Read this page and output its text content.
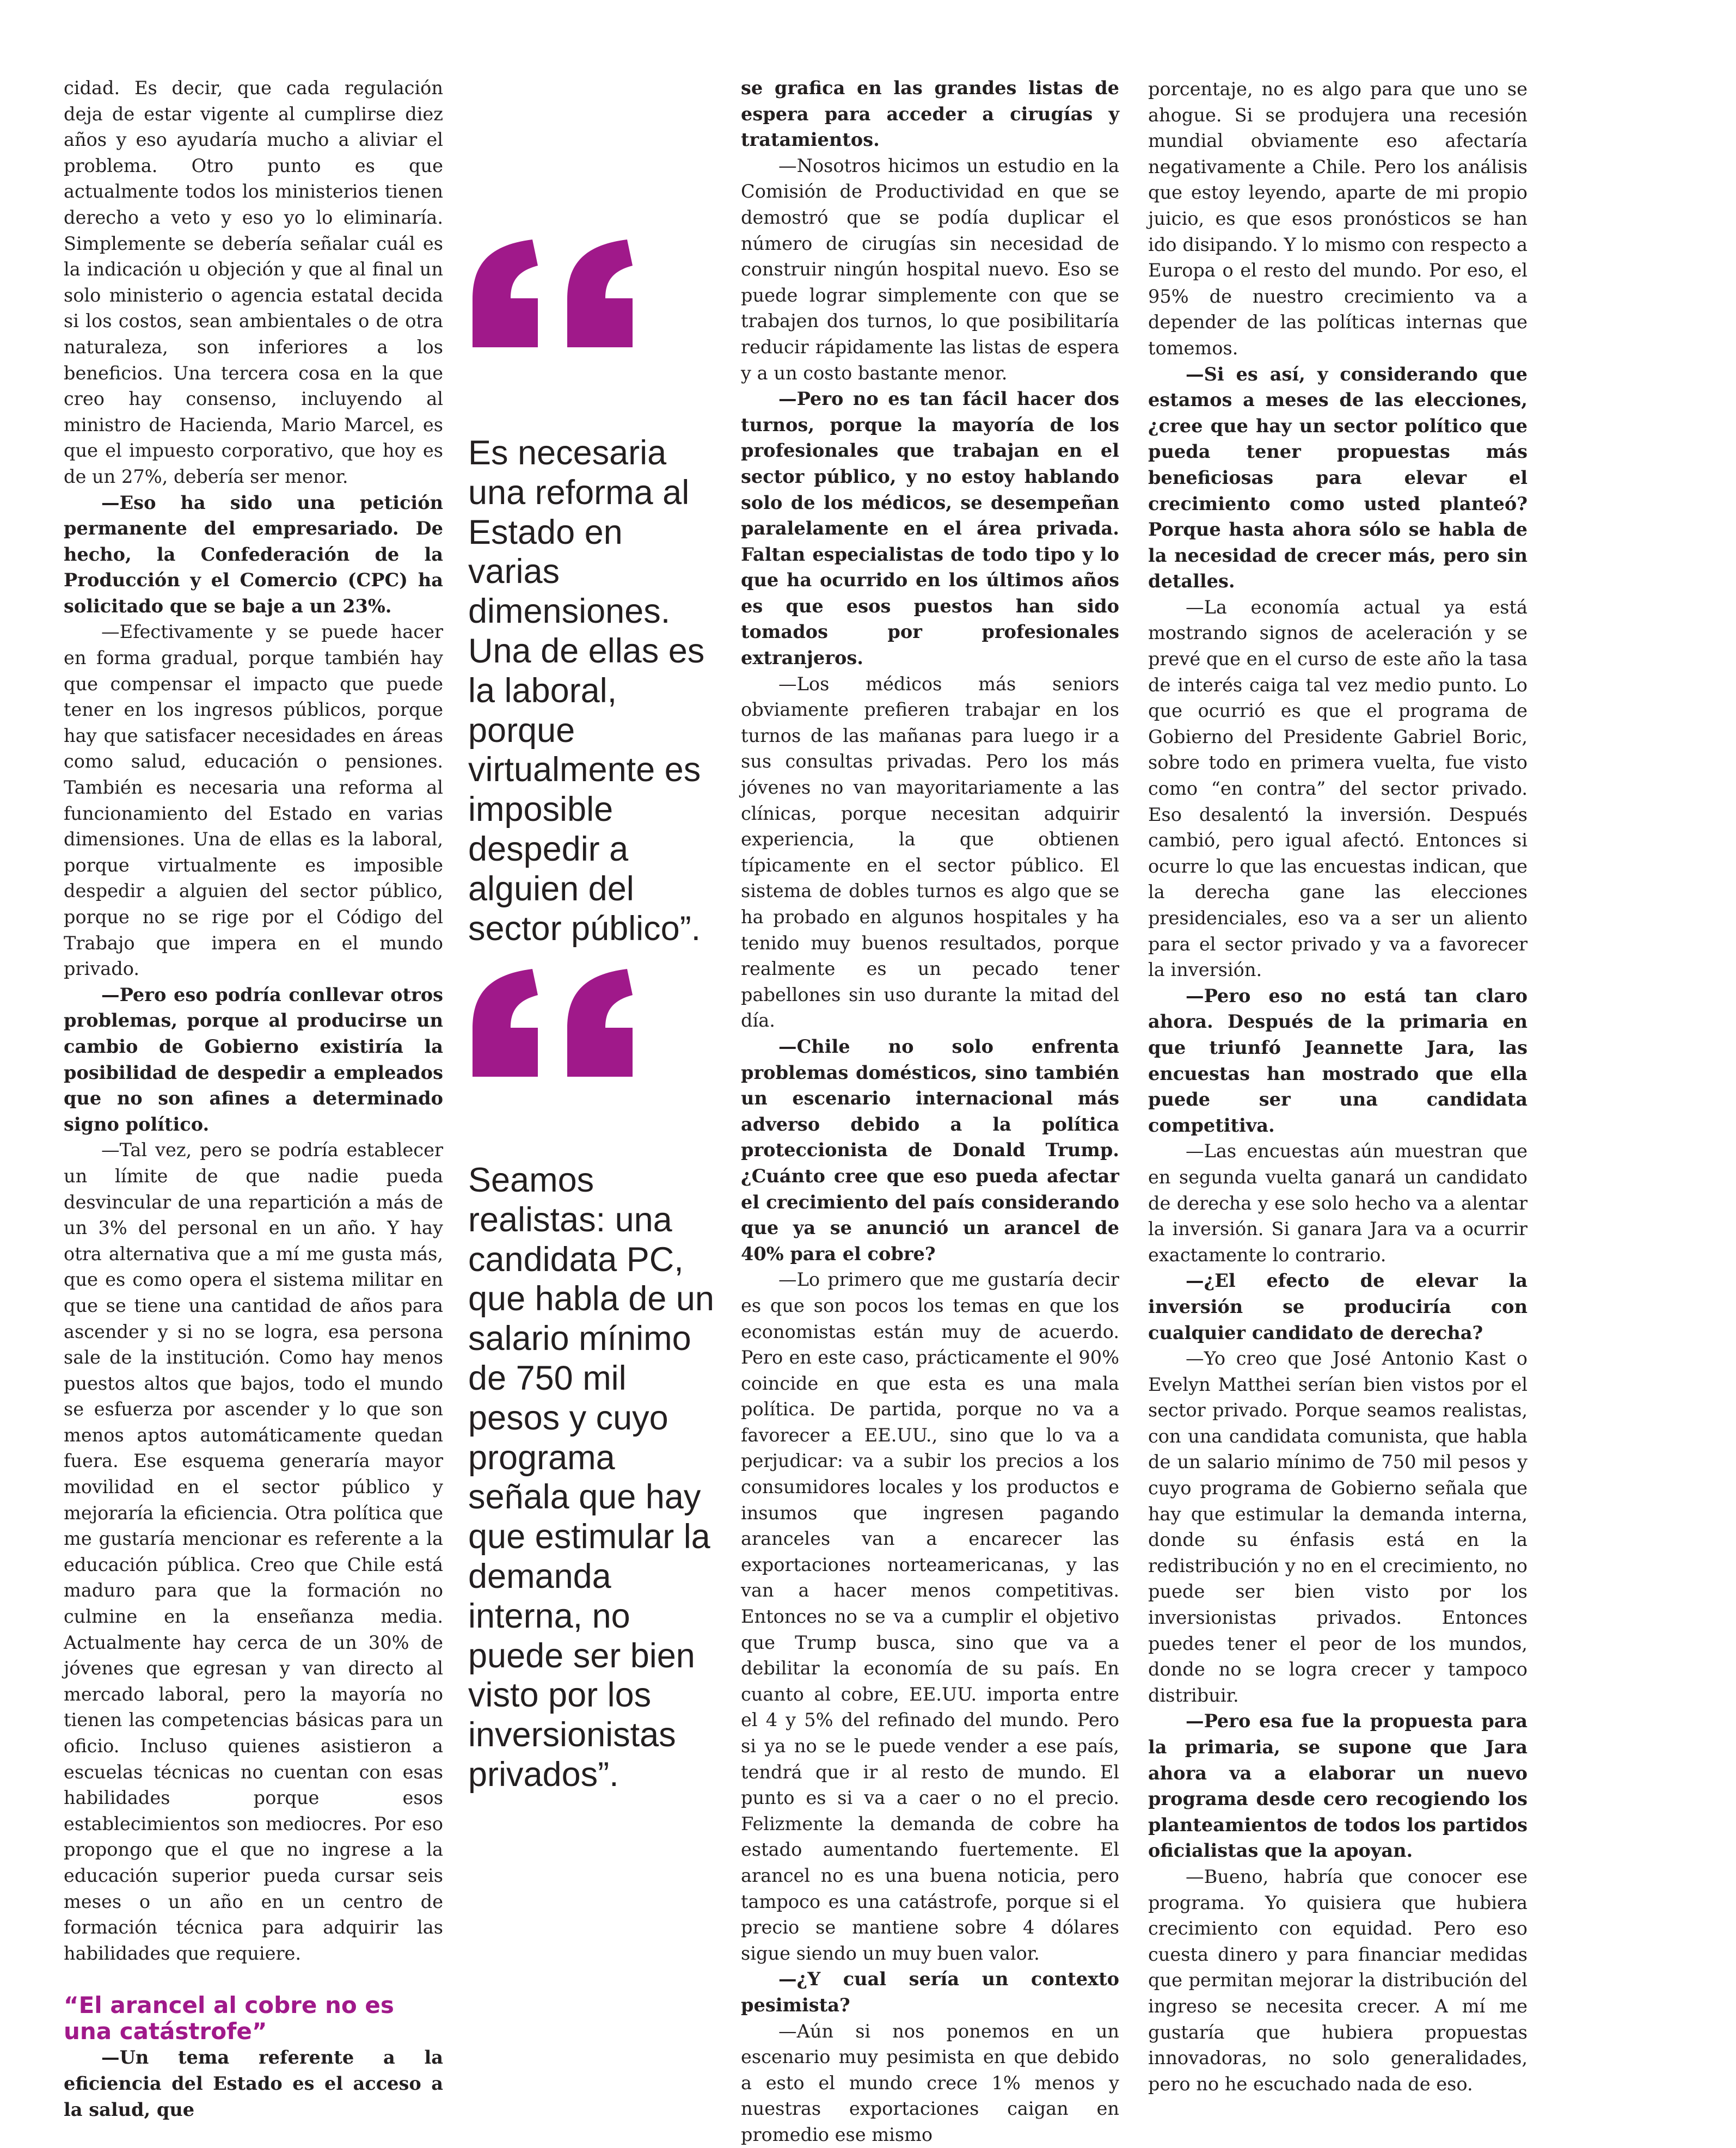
cidad. Es decir, que cada regulación deja de estar vigente al cumplirse diez años y eso ayudaría mucho a aliviar el problema. Otro punto es que actualmente todos los ministerios tienen derecho a veto y eso yo lo eliminaría. Simplemente se debería señalar cuál es la indicación u objeción y que al final un solo ministerio o agencia estatal decida si los costos, sean ambientales o de otra naturaleza, son inferiores a los beneficios. Una tercera cosa en la que creo hay consenso, incluyendo al ministro de Hacienda, Mario Marcel, es que el impuesto corporativo, que hoy es de un 27%, debería ser menor.

—Eso ha sido una petición permanente del empresariado. De hecho, la Confederación de la Producción y el Comercio (CPC) ha solicitado que se baje a un 23%.

—Efectivamente y se puede hacer en forma gradual, porque también hay que compensar el impacto que puede tener en los ingresos públicos, porque hay que satisfacer necesidades en áreas como salud, educación o pensiones. También es necesaria una reforma al funcionamiento del Estado en varias dimensiones. Una de ellas es la laboral, porque virtualmente es imposible despedir a alguien del sector público, porque no se rige por el Código del Trabajo que impera en el mundo privado.

—Pero eso podría conllevar otros problemas, porque al producirse un cambio de Gobierno existiría la posibilidad de despedir a empleados que no son afines a determinado signo político.

—Tal vez, pero se podría establecer un límite de que nadie pueda desvincular de una repartición a más de un 3% del personal en un año. Y hay otra alternativa que a mí me gusta más, que es como opera el sistema militar en que se tiene una cantidad de años para ascender y si no se logra, esa persona sale de la institución. Como hay menos puestos altos que bajos, todo el mundo se esfuerza por ascender y lo que son menos aptos automáticamente quedan fuera. Ese esquema generaría mayor movilidad en el sector público y mejoraría la eficiencia. Otra política que me gustaría mencionar es referente a la educación pública. Creo que Chile está maduro para que la formación no culmine en la enseñanza media. Actualmente hay cerca de un 30% de jóvenes que egresan y van directo al mercado laboral, pero la mayoría no tienen las competencias básicas para un oficio. Incluso quienes asistieron a escuelas técnicas no cuentan con esas habilidades porque esos establecimientos son mediocres. Por eso propongo que el que no ingrese a la educación superior pueda cursar seis meses o un año en un centro de formación técnica para adquirir las habilidades que requiere.

“El arancel al cobre no es una catástrofe”

—Un tema referente a la eficiencia del Estado es el acceso a la salud, que

Es necesaria una reforma al Estado en varias dimensiones. Una de ellas es la laboral, porque virtualmente es imposible despedir a alguien del sector público”.
Seamos realistas: una candidata PC, que habla de un salario mínimo de 750 mil pesos y cuyo programa señala que hay que estimular la demanda interna, no puede ser bien visto por los inversionistas privados”.

se grafica en las grandes listas de espera para acceder a cirugías y tratamientos.

—Nosotros hicimos un estudio en la Comisión de Productividad en que se demostró que se podía duplicar el número de cirugías sin necesidad de construir ningún hospital nuevo. Eso se puede lograr simplemente con que se trabajen dos turnos, lo que posibilitaría reducir rápidamente las listas de espera y a un costo bastante menor.

—Pero no es tan fácil hacer dos turnos, porque la mayoría de los profesionales que trabajan en el sector público, y no estoy hablando solo de los médicos, se desempeñan paralelamente en el área privada. Faltan especialistas de todo tipo y lo que ha ocurrido en los últimos años es que esos puestos han sido tomados por profesionales extranjeros.

—Los médicos más seniors obviamente prefieren trabajar en los turnos de las mañanas para luego ir a sus consultas privadas. Pero los más jóvenes no van mayoritariamente a las clínicas, porque necesitan adquirir experiencia, la que obtienen típicamente en el sector público. El sistema de dobles turnos es algo que se ha probado en algunos hospitales y ha tenido muy buenos resultados, porque realmente es un pecado tener pabellones sin uso durante la mitad del día.

—Chile no solo enfrenta problemas domésticos, sino también un escenario internacional más adverso debido a la política proteccionista de Donald Trump. ¿Cuánto cree que eso pueda afectar el crecimiento del país considerando que ya se anunció un arancel de 40% para el cobre?

—Lo primero que me gustaría decir es que son pocos los temas en que los economistas están muy de acuerdo. Pero en este caso, prácticamente el 90% coincide en que esta es una mala política. De partida, porque no va a favorecer a EE.UU., sino que lo va a perjudicar: va a subir los precios a los consumidores locales y los productos e insumos que ingresen pagando aranceles van a encarecer las exportaciones norteamericanas, y las van a hacer menos competitivas. Entonces no se va a cumplir el objetivo que Trump busca, sino que va a debilitar la economía de su país. En cuanto al cobre, EE.UU. importa entre el 4 y 5% del refinado del mundo. Pero si ya no se le puede vender a ese país, tendrá que ir al resto de mundo. El punto es si va a caer o no el precio. Felizmente la demanda de cobre ha estado aumentando fuertemente. El arancel no es una buena noticia, pero tampoco es una catástrofe, porque si el precio se mantiene sobre 4 dólares sigue siendo un muy buen valor.

—¿Y cual sería un contexto pesimista?

—Aún si nos ponemos en un escenario muy pesimista en que debido a esto el mundo crece 1% menos y nuestras exportaciones caigan en promedio ese mismo

porcentaje, no es algo para que uno se ahogue. Si se produjera una recesión mundial obviamente eso afectaría negativamente a Chile. Pero los análisis que estoy leyendo, aparte de mi propio juicio, es que esos pronósticos se han ido disipando. Y lo mismo con respecto a Europa o el resto del mundo. Por eso, el 95% de nuestro crecimiento va a depender de las políticas internas que tomemos.

—Si es así, y considerando que estamos a meses de las elecciones, ¿cree que hay un sector político que pueda tener propuestas más beneficiosas para elevar el crecimiento como usted planteó? Porque hasta ahora sólo se habla de la necesidad de crecer más, pero sin detalles.

—La economía actual ya está mostrando signos de aceleración y se prevé que en el curso de este año la tasa de interés caiga tal vez medio punto. Lo que ocurrió es que el programa de Gobierno del Presidente Gabriel Boric, sobre todo en primera vuelta, fue visto como “en contra” del sector privado. Eso desalentó la inversión. Después cambió, pero igual afectó. Entonces si ocurre lo que las encuestas indican, que la derecha gane las elecciones presidenciales, eso va a ser un aliento para el sector privado y va a favorecer la inversión.

—Pero eso no está tan claro ahora. Después de la primaria en que triunfó Jeannette Jara, las encuestas han mostrado que ella puede ser una candidata competitiva.

—Las encuestas aún muestran que en segunda vuelta ganará un candidato de derecha y ese solo hecho va a alentar la inversión. Si ganara Jara va a ocurrir exactamente lo contrario.

—¿El efecto de elevar la inversión se produciría con cualquier candidato de derecha?

—Yo creo que José Antonio Kast o Evelyn Matthei serían bien vistos por el sector privado. Porque seamos realistas, con una candidata comunista, que habla de un salario mínimo de 750 mil pesos y cuyo programa de Gobierno señala que hay que estimular la demanda interna, donde su énfasis está en la redistribución y no en el crecimiento, no puede ser bien visto por los inversionistas privados. Entonces puedes tener el peor de los mundos, donde no se logra crecer y tampoco distribuir.

—Pero esa fue la propuesta para la primaria, se supone que Jara ahora va a elaborar un nuevo programa desde cero recogiendo los planteamientos de todos los partidos oficialistas que la apoyan.

—Bueno, habría que conocer ese programa. Yo quisiera que hubiera crecimiento con equidad. Pero eso cuesta dinero y para financiar medidas que permitan mejorar la distribución del ingreso se necesita crecer. A mí me gustaría que hubiera propuestas innovadoras, no solo generalidades, pero no he escuchado nada de eso.
